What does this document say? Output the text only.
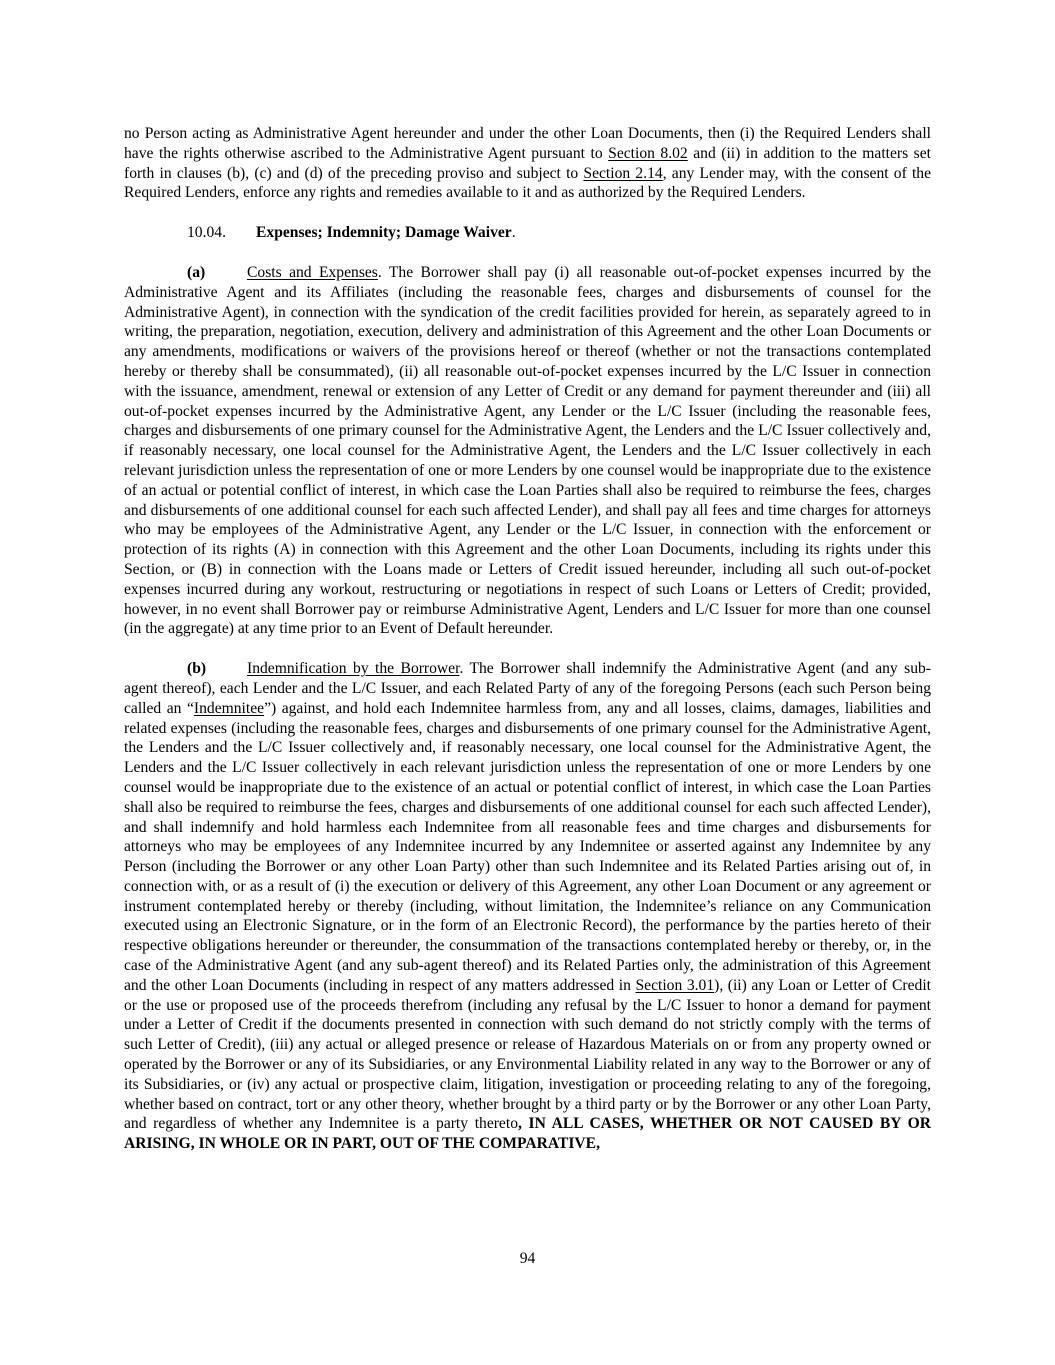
no Person acting as Administrative Agent hereunder and under the other Loan Documents, then (i) the Required Lenders shall have the rights otherwise ascribed to the Administrative Agent pursuant to Section 8.02 and (ii) in addition to the matters set forth in clauses (b), (c) and (d) of the preceding proviso and subject to Section 2.14, any Lender may, with the consent of the Required Lenders, enforce any rights and remedies available to it and as authorized by the Required Lenders.

10.04. Expenses; Indemnity; Damage Waiver.

(a)	Costs and Expenses. The Borrower shall pay (i) all reasonable out-of-pocket expenses incurred by the Administrative Agent and its Affiliates (including the reasonable fees, charges and disbursements of counsel for the Administrative Agent), in connection with the syndication of the credit facilities provided for herein, as separately agreed to in writing, the preparation, negotiation, execution, delivery and administration of this Agreement and the other Loan Documents or any amendments, modifications or waivers of the provisions hereof or thereof (whether or not the transactions contemplated hereby or thereby shall be consummated), (ii) all reasonable out-of-pocket expenses incurred by the L/C Issuer in connection with the issuance, amendment, renewal or extension of any Letter of Credit or any demand for payment thereunder and (iii) all out-of-pocket expenses incurred by the Administrative Agent, any Lender or the L/C Issuer (including the reasonable fees, charges and disbursements of one primary counsel for the Administrative Agent, the Lenders and the L/C Issuer collectively and, if reasonably necessary, one local counsel for the Administrative Agent, the Lenders and the L/C Issuer collectively in each relevant jurisdiction unless the representation of one or more Lenders by one counsel would be inappropriate due to the existence of an actual or potential conflict of interest, in which case the Loan Parties shall also be required to reimburse the fees, charges and disbursements of one additional counsel for each such affected Lender), and shall pay all fees and time charges for attorneys who may be employees of the Administrative Agent, any Lender or the L/C Issuer, in connection with the enforcement or protection of its rights (A) in connection with this Agreement and the other Loan Documents, including its rights under this Section, or (B) in connection with the Loans made or Letters of Credit issued hereunder, including all such out-of-pocket expenses incurred during any workout, restructuring or negotiations in respect of such Loans or Letters of Credit; provided, however, in no event shall Borrower pay or reimburse Administrative Agent, Lenders and L/C Issuer for more than one counsel (in the aggregate) at any time prior to an Event of Default hereunder.

(b)	Indemnification by the Borrower. The Borrower shall indemnify the Administrative Agent (and any sub-agent thereof), each Lender and the L/C Issuer, and each Related Party of any of the foregoing Persons (each such Person being called an “Indemnitee”) against, and hold each Indemnitee harmless from, any and all losses, claims, damages, liabilities and related expenses (including the reasonable fees, charges and disbursements of one primary counsel for the Administrative Agent, the Lenders and the L/C Issuer collectively and, if reasonably necessary, one local counsel for the Administrative Agent, the Lenders and the L/C Issuer collectively in each relevant jurisdiction unless the representation of one or more Lenders by one counsel would be inappropriate due to the existence of an actual or potential conflict of interest, in which case the Loan Parties shall also be required to reimburse the fees, charges and disbursements of one additional counsel for each such affected Lender), and shall indemnify and hold harmless each Indemnitee from all reasonable fees and time charges and disbursements for attorneys who may be employees of any Indemnitee incurred by any Indemnitee or asserted against any Indemnitee by any Person (including the Borrower or any other Loan Party) other than such Indemnitee and its Related Parties arising out of, in connection with, or as a result of (i) the execution or delivery of this Agreement, any other Loan Document or any agreement or instrument contemplated hereby or thereby (including, without limitation, the Indemnitee’s reliance on any Communication executed using an Electronic Signature, or in the form of an Electronic Record), the performance by the parties hereto of their respective obligations hereunder or thereunder, the consummation of the transactions contemplated hereby or thereby, or, in the case of the Administrative Agent (and any sub-agent thereof) and its Related Parties only, the administration of this Agreement and the other Loan Documents (including in respect of any matters addressed in Section 3.01), (ii) any Loan or Letter of Credit or the use or proposed use of the proceeds therefrom (including any refusal by the L/C Issuer to honor a demand for payment under a Letter of Credit if the documents presented in connection with such demand do not strictly comply with the terms of such Letter of Credit), (iii) any actual or alleged presence or release of Hazardous Materials on or from any property owned or operated by the Borrower or any of its Subsidiaries, or any Environmental Liability related in any way to the Borrower or any of its Subsidiaries, or (iv) any actual or prospective claim, litigation, investigation or proceeding relating to any of the foregoing, whether based on contract, tort or any other theory, whether brought by a third party or by the Borrower or any other Loan Party, and regardless of whether any Indemnitee is a party thereto, IN ALL CASES, WHETHER OR NOT CAUSED BY OR ARISING, IN WHOLE OR IN PART, OUT OF THE COMPARATIVE,

94
